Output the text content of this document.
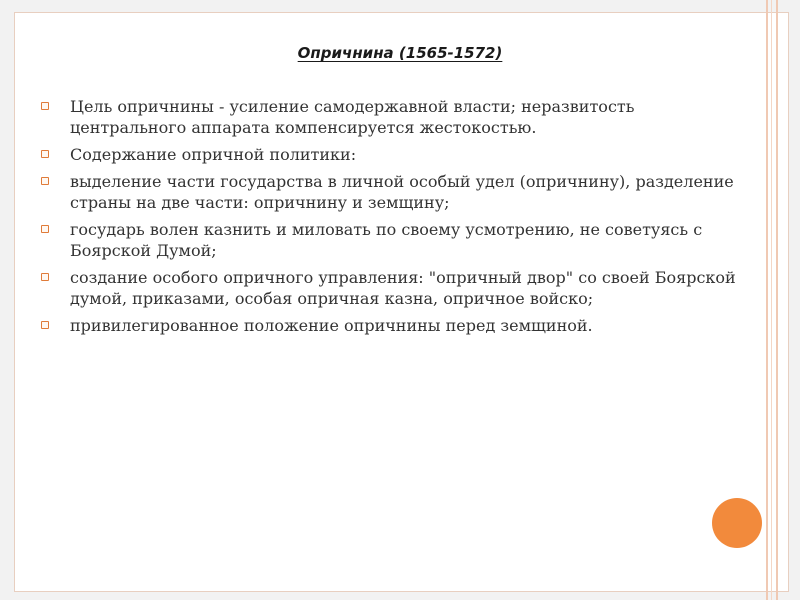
Опричнина (1565-1572)
Цель опричнины - усиление самодержавной власти; неразвитость центрального аппарата компенсируется жестокостью.
Содержание опричной политики:
выделение части государства в личной особый удел (опричнину), разделение страны на две части: опричнину и земщину;
государь волен казнить и миловать по своему усмотрению, не советуясь с Боярской Думой;
создание особого опричного управления: "опричный двор" со своей Боярской думой, приказами, особая опричная казна, опричное войско;
привилегированное положение опричнины перед земщиной.
